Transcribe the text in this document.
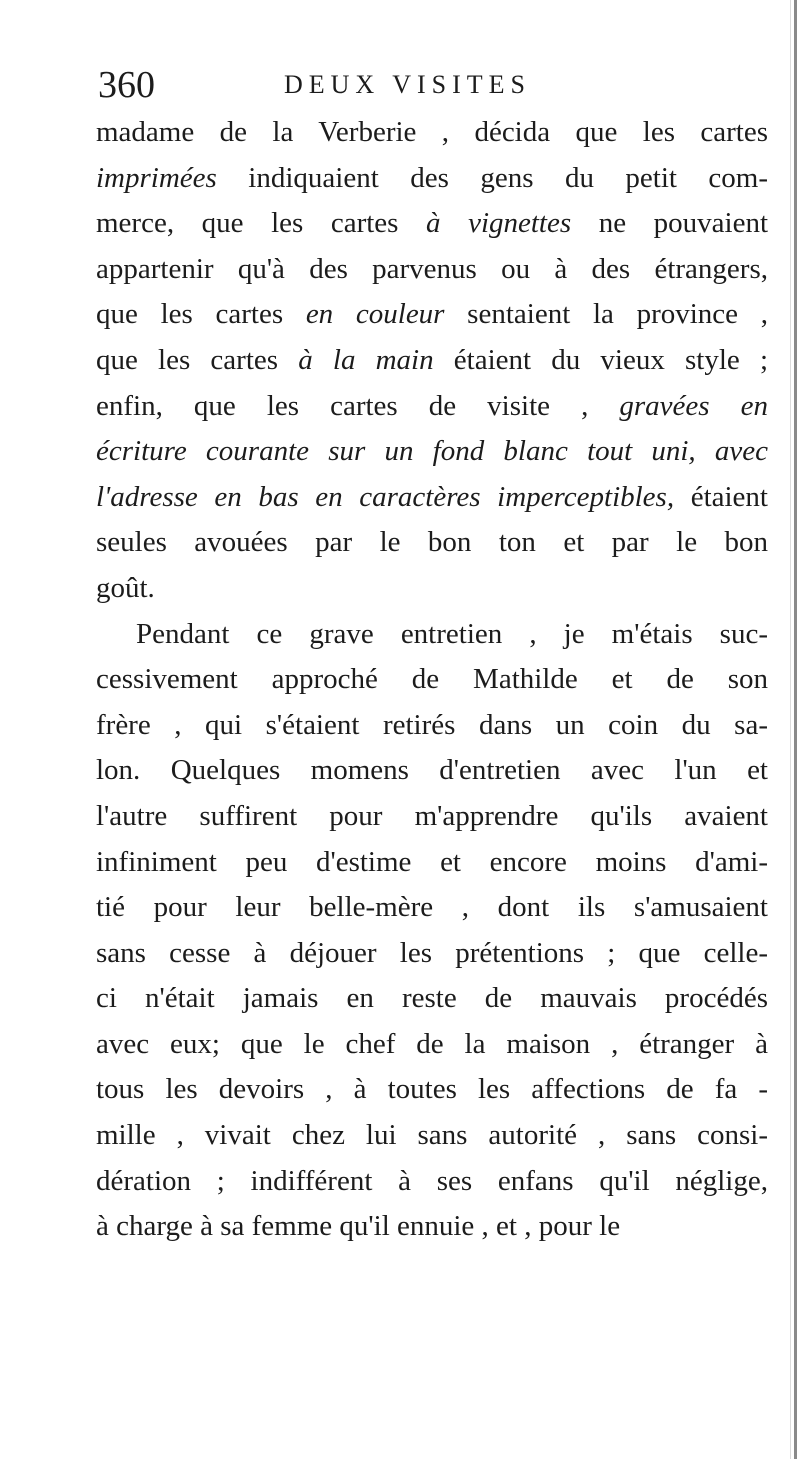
360	DEUX VISITES
madame de la Verberie , décida que les cartes
imprimées indiquaient des gens du petit com-
merce, que les cartes à vignettes ne pouvaient
appartenir qu'à des parvenus ou à des étrangers,
que les cartes en couleur sentaient la province ,
que les cartes à la main étaient du vieux style ;
enfin, que les cartes de visite , gravées en
écriture courante sur un fond blanc tout uni, avec
l'adresse en bas en caractères imperceptibles, étaient
seules avouées par le bon ton et par le bon
goût.
Pendant ce grave entretien , je m'étais suc-
cessivement approché de Mathilde et de son
frère , qui s'étaient retirés dans un coin du sa-
lon. Quelques momens d'entretien avec l'un et
l'autre suffirent pour m'apprendre qu'ils avaient
infiniment peu d'estime et encore moins d'ami-
tié pour leur belle-mère , dont ils s'amusaient
sans cesse à déjouer les prétentions ; que celle-
ci n'était jamais en reste de mauvais procédés
avec eux; que le chef de la maison , étranger à
tous les devoirs , à toutes les affections de fa -
mille , vivait chez lui sans autorité , sans consi-
dération ; indifférent à ses enfans qu'il néglige,
à charge à sa femme qu'il ennuie , et , pour le
